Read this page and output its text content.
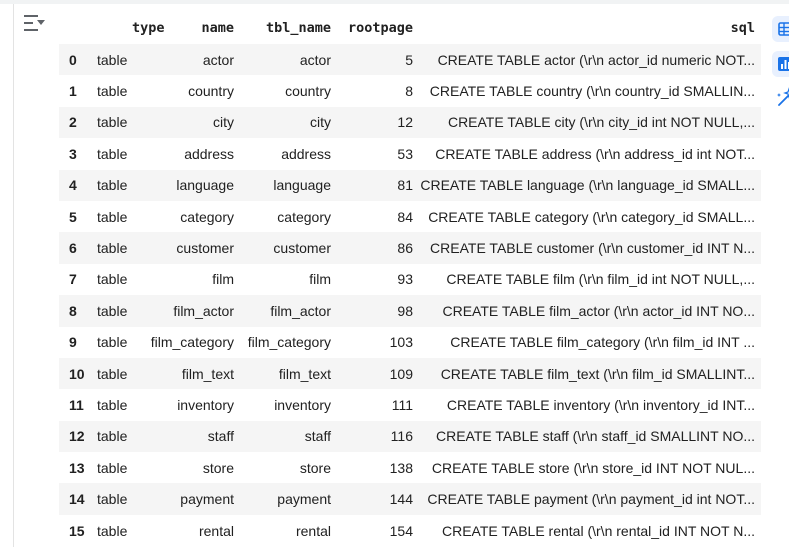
	type	name	tbl_name	rootpage	sql
0	table	actor	actor	5	CREATE TABLE actor (\r\n actor_id numeric NOT...
1	table	country	country	8	CREATE TABLE country (\r\n country_id SMALLIN...
2	table	city	city	12	CREATE TABLE city (\r\n city_id int NOT NULL,...
3	table	address	address	53	CREATE TABLE address (\r\n address_id int NOT...
4	table	language	language	81	CREATE TABLE language (\r\n language_id SMALL...
5	table	category	category	84	CREATE TABLE category (\r\n category_id SMALL...
6	table	customer	customer	86	CREATE TABLE customer (\r\n customer_id INT N...
7	table	film	film	93	CREATE TABLE film (\r\n film_id int NOT NULL,...
8	table	film_actor	film_actor	98	CREATE TABLE film_actor (\r\n actor_id INT NO...
9	table	film_category	film_category	103	CREATE TABLE film_category (\r\n film_id INT ...
10	table	film_text	film_text	109	CREATE TABLE film_text (\r\n film_id SMALLINT...
11	table	inventory	inventory	111	CREATE TABLE inventory (\r\n inventory_id INT...
12	table	staff	staff	116	CREATE TABLE staff (\r\n staff_id SMALLINT NO...
13	table	store	store	138	CREATE TABLE store (\r\n store_id INT NOT NUL...
14	table	payment	payment	144	CREATE TABLE payment (\r\n payment_id int NOT...
15	table	rental	rental	154	CREATE TABLE rental (\r\n rental_id INT NOT N...
